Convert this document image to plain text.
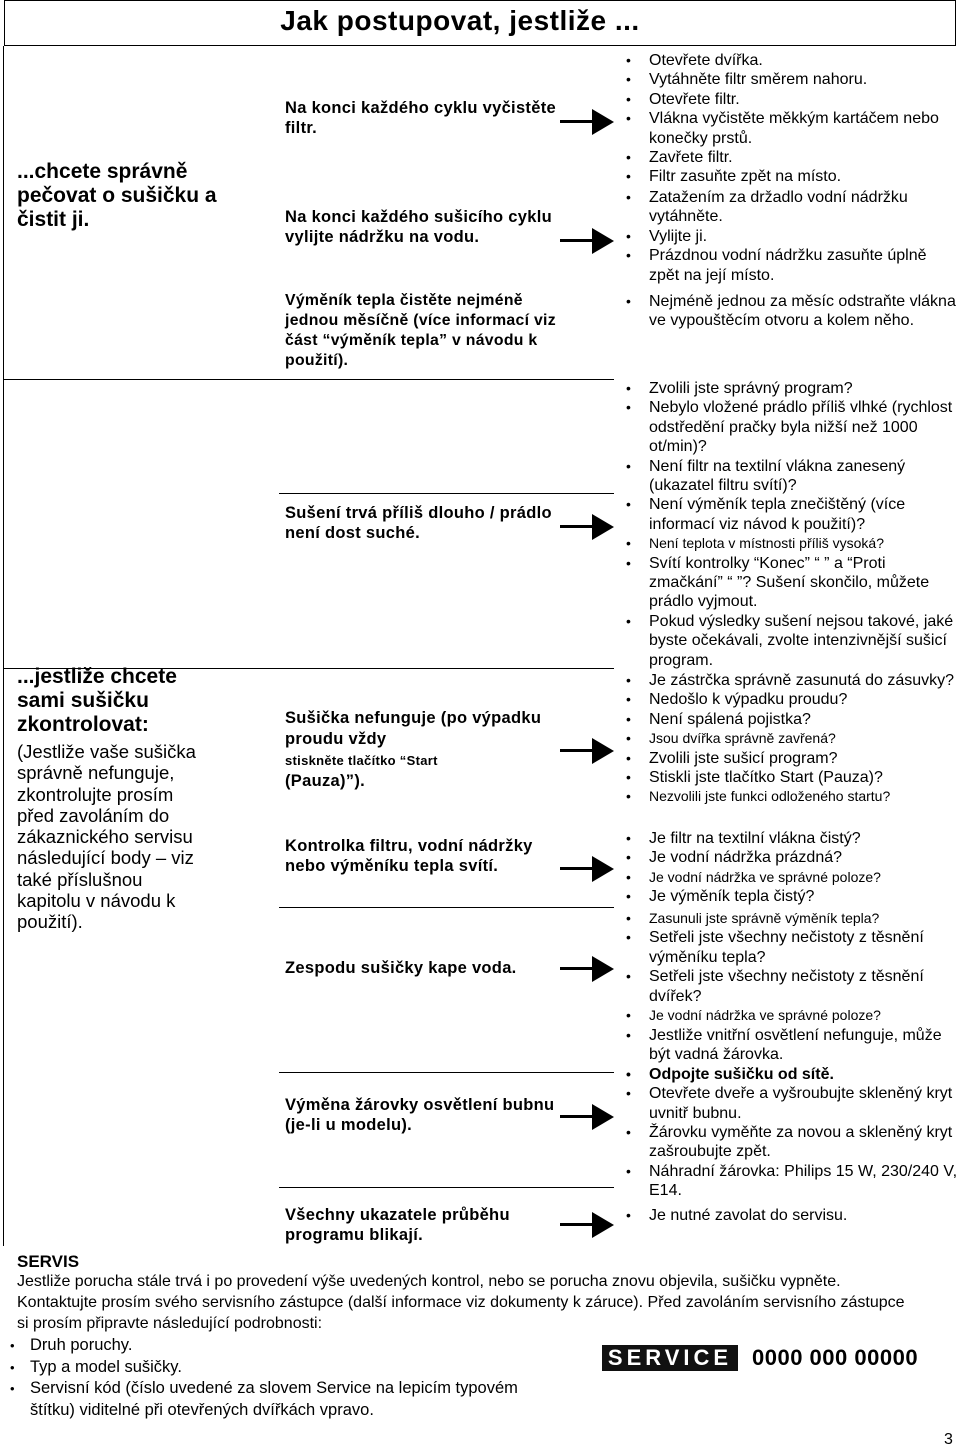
Jak postupovat, jestliže ...
...chcete správně pečovat o sušičku a čistit ji.
...jestliže chcete sami sušičku zkontrolovat:
(Jestliže vaše sušička správně nefunguje, zkontrolujte prosím před zavoláním do zákaznického servisu následující body – viz také příslušnou kapitolu v návodu k použití).
Na konci každého cyklu vyčistěte filtr.
Na konci každého sušicího cyklu vylijte nádržku na vodu.
Výměník tepla čistěte nejméně jednou měsíčně (více informací viz část “výměník tepla” v návodu k použití).
Sušení trvá příliš dlouho / prádlo není dost suché.
Sušička nefunguje (po výpadku proudu vždy
stiskněte tlačítko “Start
(Pauza)”).
Kontrolka filtru, vodní nádržky nebo výměníku tepla svítí.
Zespodu sušičky kape voda.
Výměna žárovky osvětlení bubnu (je-li u modelu).
Všechny ukazatele průběhu programu blikají.
• Otevřete dvířka.
• Vytáhněte filtr směrem nahoru.
• Otevřete filtr.
• Vlákna vyčistěte měkkým kartáčem nebo konečky prstů.
• Zavřete filtr.
• Filtr zasuňte zpět na místo.
• Zatažením za držadlo vodní nádržku vytáhněte.
• Vylijte ji.
• Prázdnou vodní nádržku zasuňte úplně zpět na její místo.
• Nejméně jednou za měsíc odstraňte vlákna ve vypouštěcím otvoru a kolem něho.
• Zvolili jste správný program?
• Nebylo vložené prádlo příliš vlhké (rychlost odstředění pračky byla nižší než 1000 ot/min)?
• Není filtr na textilní vlákna zanesený (ukazatel filtru svítí)?
• Není výměník tepla znečištěný (více informací viz návod k použití)?
• Není teplota v místnosti příliš vysoká?
• Svítí kontrolky “Konec” “ ” a “Proti zmačkání” “ ”? Sušení skončilo, můžete prádlo vyjmout.
• Pokud výsledky sušení nejsou takové, jaké byste očekávali, zvolte intenzivnější sušicí program.
• Je zástrčka správně zasunutá do zásuvky?
• Nedošlo k výpadku proudu?
• Není spálená pojistka?
• Jsou dvířka správně zavřená?
• Zvolili jste sušicí program?
• Stiskli jste tlačítko Start (Pauza)?
• Nezvolili jste funkci odloženého startu?
• Je filtr na textilní vlákna čistý?
• Je vodní nádržka prázdná?
• Je vodní nádržka ve správné poloze?
• Je výměník tepla čistý?
• Zasunuli jste správně výměník tepla?
• Setřeli jste všechny nečistoty z těsnění výměníku tepla?
• Setřeli jste všechny nečistoty z těsnění dvířek?
• Je vodní nádržka ve správné poloze?
• Jestliže vnitřní osvětlení nefunguje, může být vadná žárovka.
• Odpojte sušičku od sítě.
• Otevřete dveře a vyšroubujte skleněný kryt uvnitř bubnu.
• Žárovku vyměňte za novou a skleněný kryt zašroubujte zpět.
• Náhradní žárovka: Philips 15 W, 230/240 V, E14.
• Je nutné zavolat do servisu.
SERVIS
Jestliže porucha stále trvá i po provedení výše uvedených kontrol, nebo se porucha znovu objevila, sušičku vypněte. Kontaktujte prosím svého servisního zástupce (další informace viz dokumenty k záruce). Před zavoláním servisního zástupce si prosím připravte následující podrobnosti:
• Druh poruchy.
• Typ a model sušičky.
• Servisní kód (číslo uvedené za slovem Service na lepicím typovém štítku) viditelné při otevřených dvířkách vpravo.
SERVICE 0000 000 00000
3
